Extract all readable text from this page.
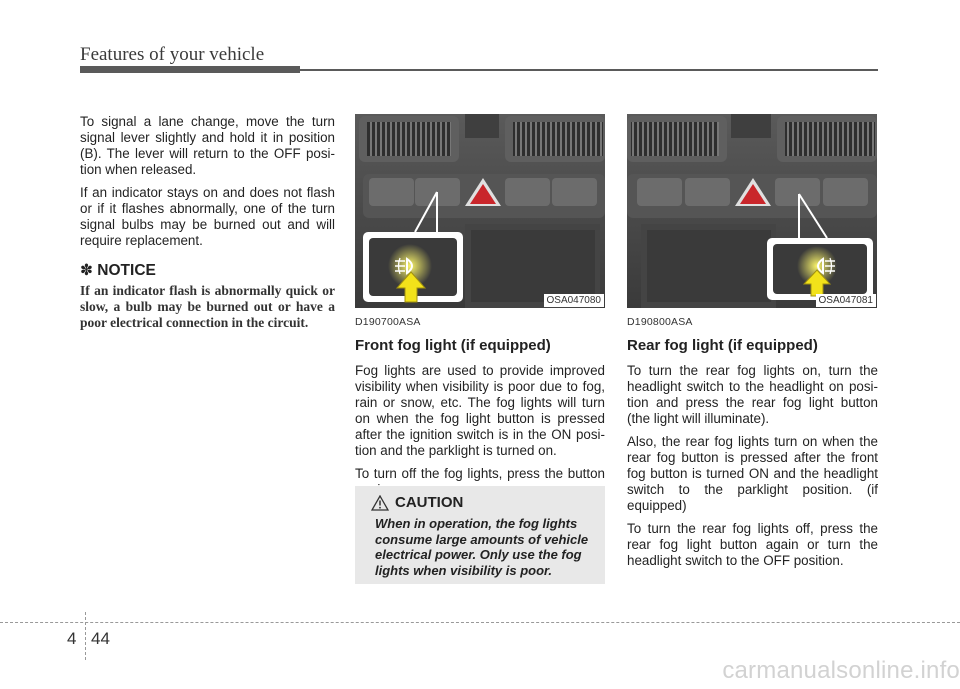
Features of your vehicle

To signal a lane change, move the turn signal lever slightly and hold it in position (B). The lever will return to the OFF posi-tion when released.

If an indicator stays on and does not flash or if it flashes abnormally, one of the turn signal bulbs may be burned out and will require replacement.

✽ NOTICE
If an indicator flash is abnormally quick or slow, a bulb may be burned out or have a poor electrical connection in the circuit.
OSA047080	OSA047081
D190700ASA
Front fog light (if equipped)

Fog lights are used to provide improved visibility when visibility is poor due to fog, rain or snow, etc. The fog lights will turn on when the fog light button is pressed after the ignition switch is in the ON posi-tion and the parklight is turned on.

To turn off the fog lights, press the button

CAUTION
When in operation, the fog lights consume large amounts of vehicle electrical power. Only use the fog lights when visibility is poor.
D190800ASA
Rear fog light (if equipped)

To turn the rear fog lights on, turn the headlight switch to the headlight on posi-tion and press the rear fog light button (the light will illuminate).

Also, the rear fog lights turn on when the rear fog button is pressed after the front fog button is turned ON and the headlight switch to the parklight position. (if equipped)

To turn the rear fog lights off, press the rear fog light button again or turn the headlight switch to the OFF position.

4 44
carmanualsonline.info
